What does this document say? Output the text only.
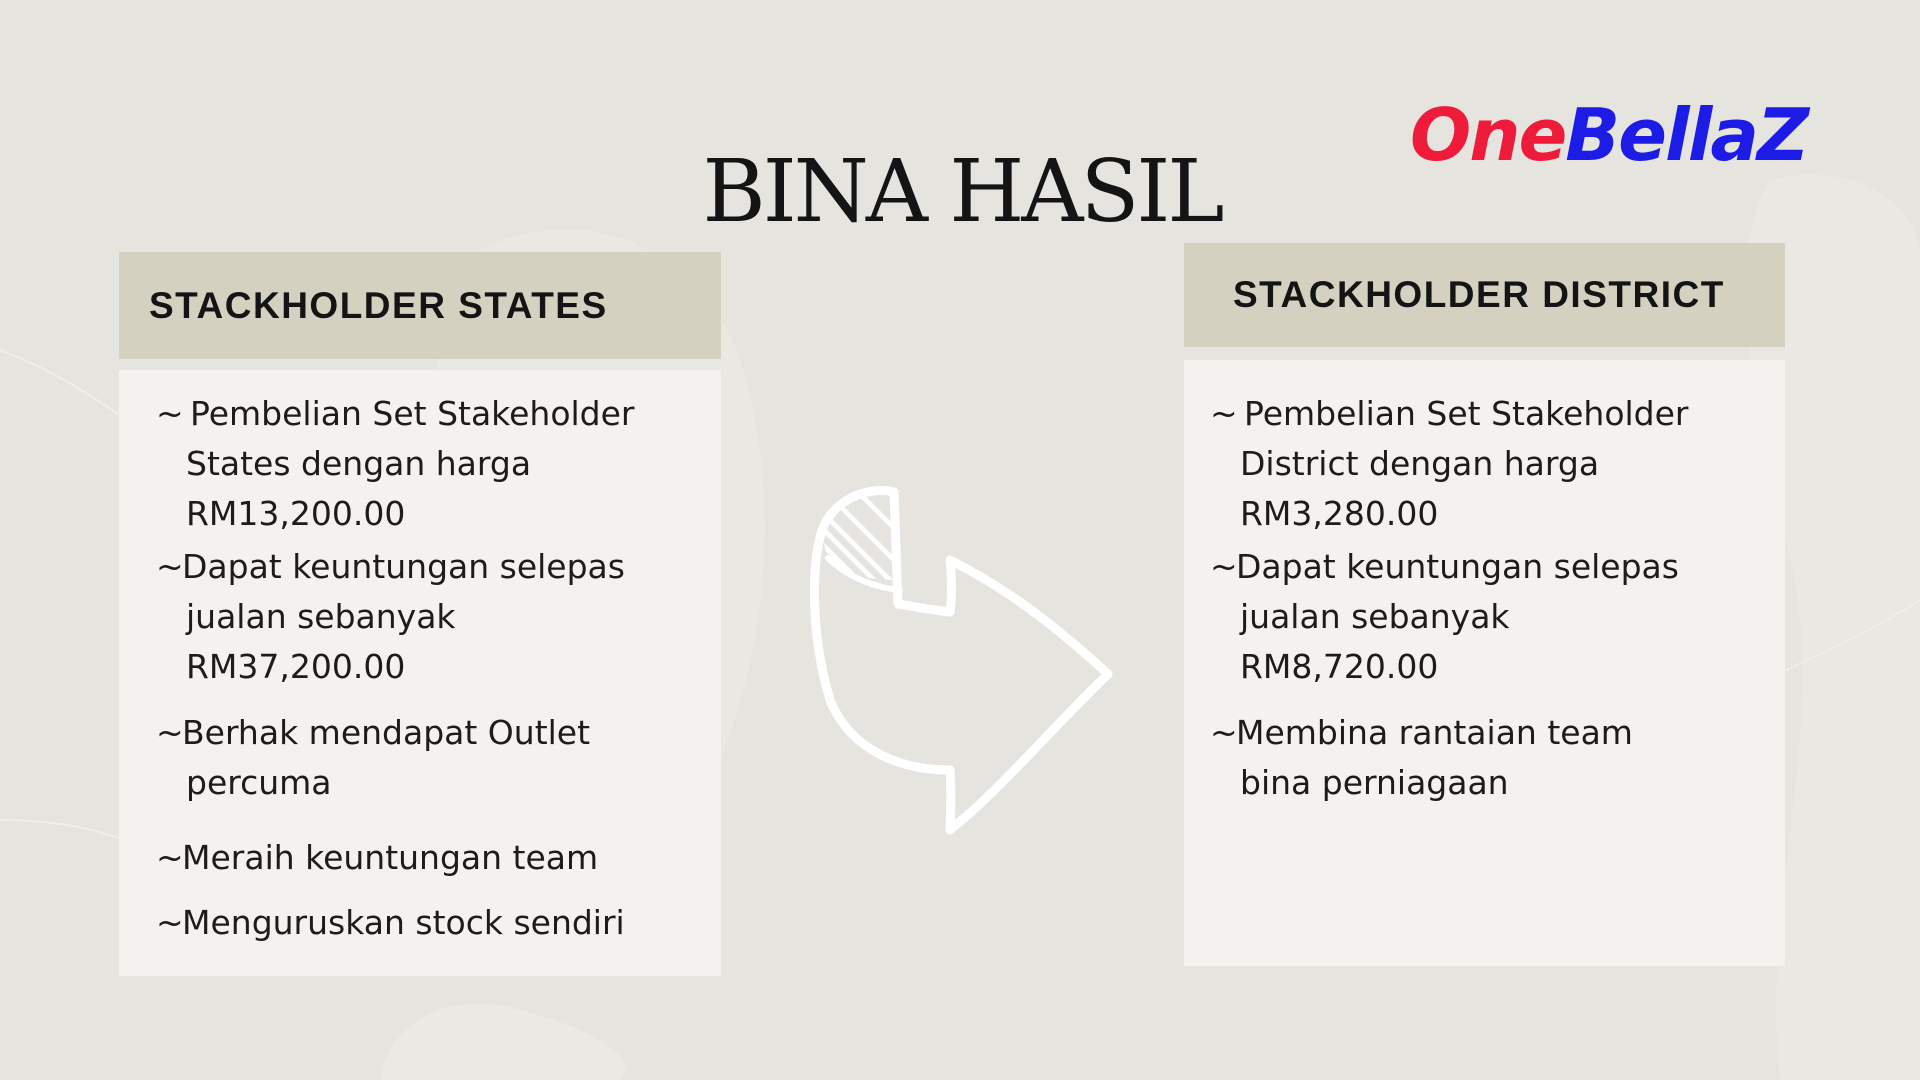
OneBellaZ
BINA HASIL
STACKHOLDER STATES
~ Pembelian Set Stakeholder
States dengan harga
RM13,200.00
~
Dapat keuntungan selepas
jualan sebanyak
RM37,200.00
~
Berhak mendapat Outlet
percuma
~
Meraih keuntungan team
~
Menguruskan stock sendiri
STACKHOLDER DISTRICT
~ Pembelian Set Stakeholder
District dengan harga
RM3,280.00
~
Dapat keuntungan selepas
jualan sebanyak
RM8,720.00
~
Membina rantaian team
bina perniagaan
